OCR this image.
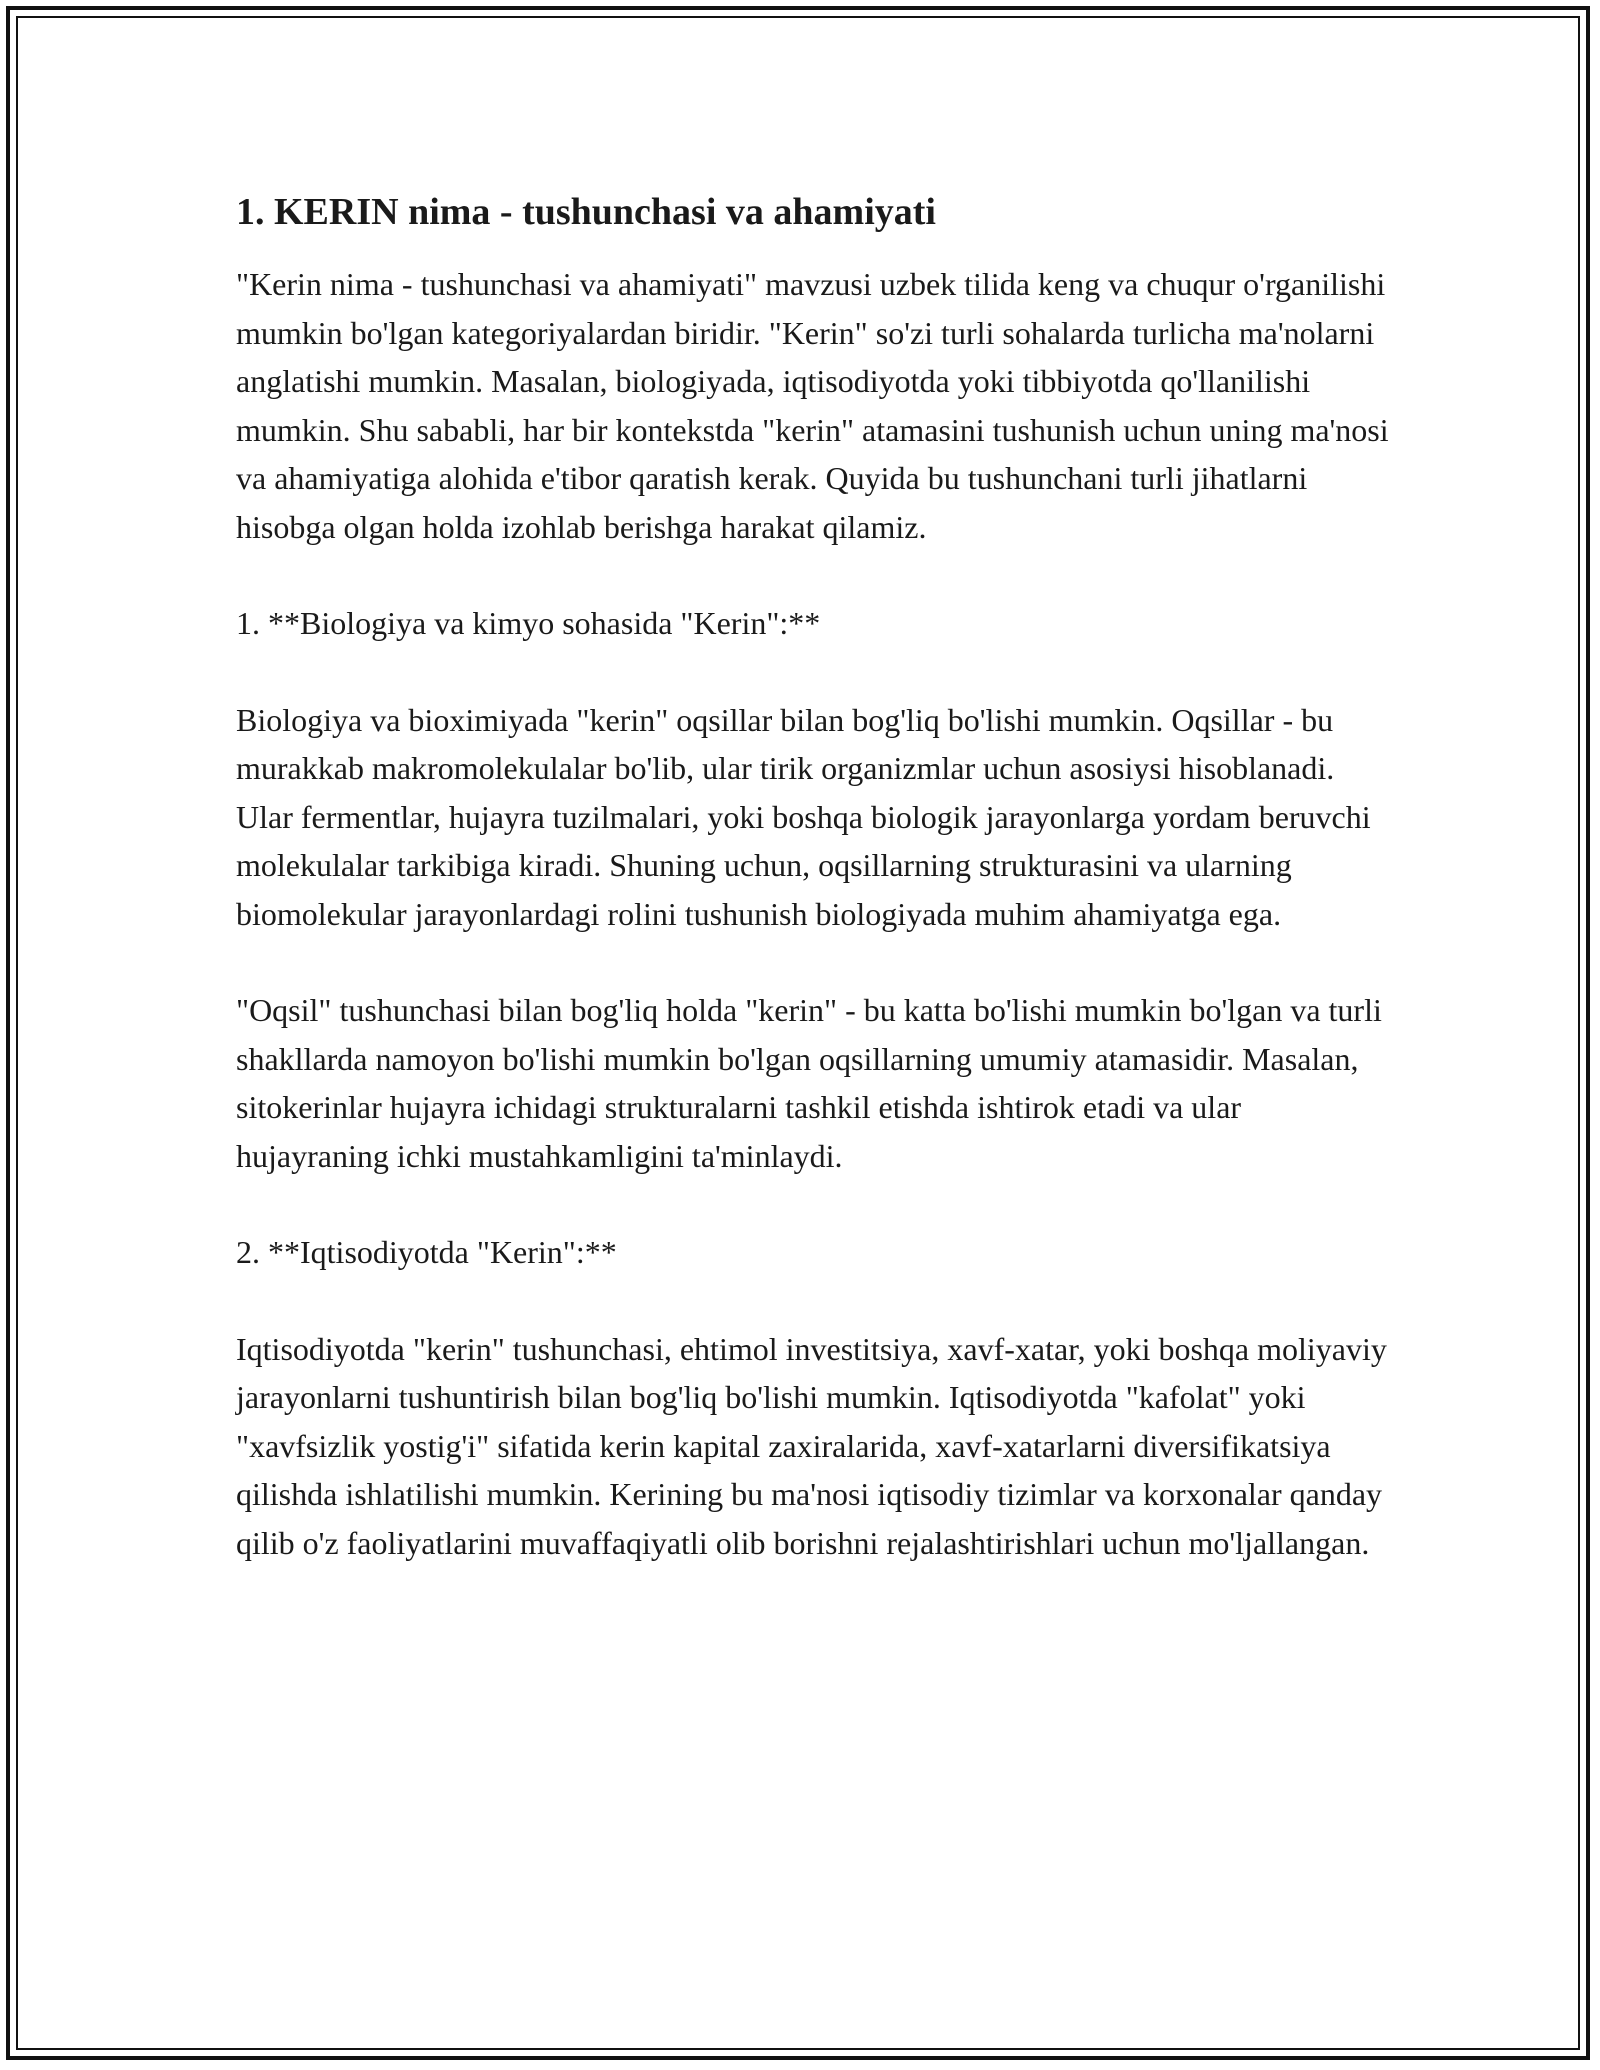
1. KERIN nima - tushunchasi va ahamiyati

"Kerin nima - tushunchasi va ahamiyati" mavzusi uzbek tilida keng va chuqur o'rganilishi mumkin bo'lgan kategoriyalardan biridir. "Kerin" so'zi turli sohalarda turlicha ma'nolarni anglatishi mumkin. Masalan, biologiyada, iqtisodiyotda yoki tibbiyotda qo'llanilishi mumkin. Shu sababli, har bir kontekstda "kerin" atamasini tushunish uchun uning ma'nosi va ahamiyatiga alohida e'tibor qaratish kerak. Quyida bu tushunchani turli jihatlarni hisobga olgan holda izohlab berishga harakat qilamiz.

1. **Biologiya va kimyo sohasida "Kerin":**

Biologiya va bioximiyada "kerin" oqsillar bilan bog'liq bo'lishi mumkin. Oqsillar - bu murakkab makromolekulalar bo'lib, ular tirik organizmlar uchun asosiysi hisoblanadi. Ular fermentlar, hujayra tuzilmalari, yoki boshqa biologik jarayonlarga yordam beruvchi molekulalar tarkibiga kiradi. Shuning uchun, oqsillarning strukturasini va ularning biomolekular jarayonlardagi rolini tushunish biologiyada muhim ahamiyatga ega.

"Oqsil" tushunchasi bilan bog'liq holda "kerin" - bu katta bo'lishi mumkin bo'lgan va turli shakllarda namoyon bo'lishi mumkin bo'lgan oqsillarning umumiy atamasidir. Masalan, sitokerinlar hujayra ichidagi strukturalarni tashkil etishda ishtirok etadi va ular hujayraning ichki mustahkamligini ta'minlaydi.

2. **Iqtisodiyotda "Kerin":**

Iqtisodiyotda "kerin" tushunchasi, ehtimol investitsiya, xavf-xatar, yoki boshqa moliyaviy jarayonlarni tushuntirish bilan bog'liq bo'lishi mumkin. Iqtisodiyotda "kafolat" yoki "xavfsizlik yostig'i" sifatida kerin kapital zaxiralarida, xavf-xatarlarni diversifikatsiya qilishda ishlatilishi mumkin. Kerining bu ma'nosi iqtisodiy tizimlar va korxonalar qanday qilib o'z faoliyatlarini muvaffaqiyatli olib borishni rejalashtirishlari uchun mo'ljallangan.
